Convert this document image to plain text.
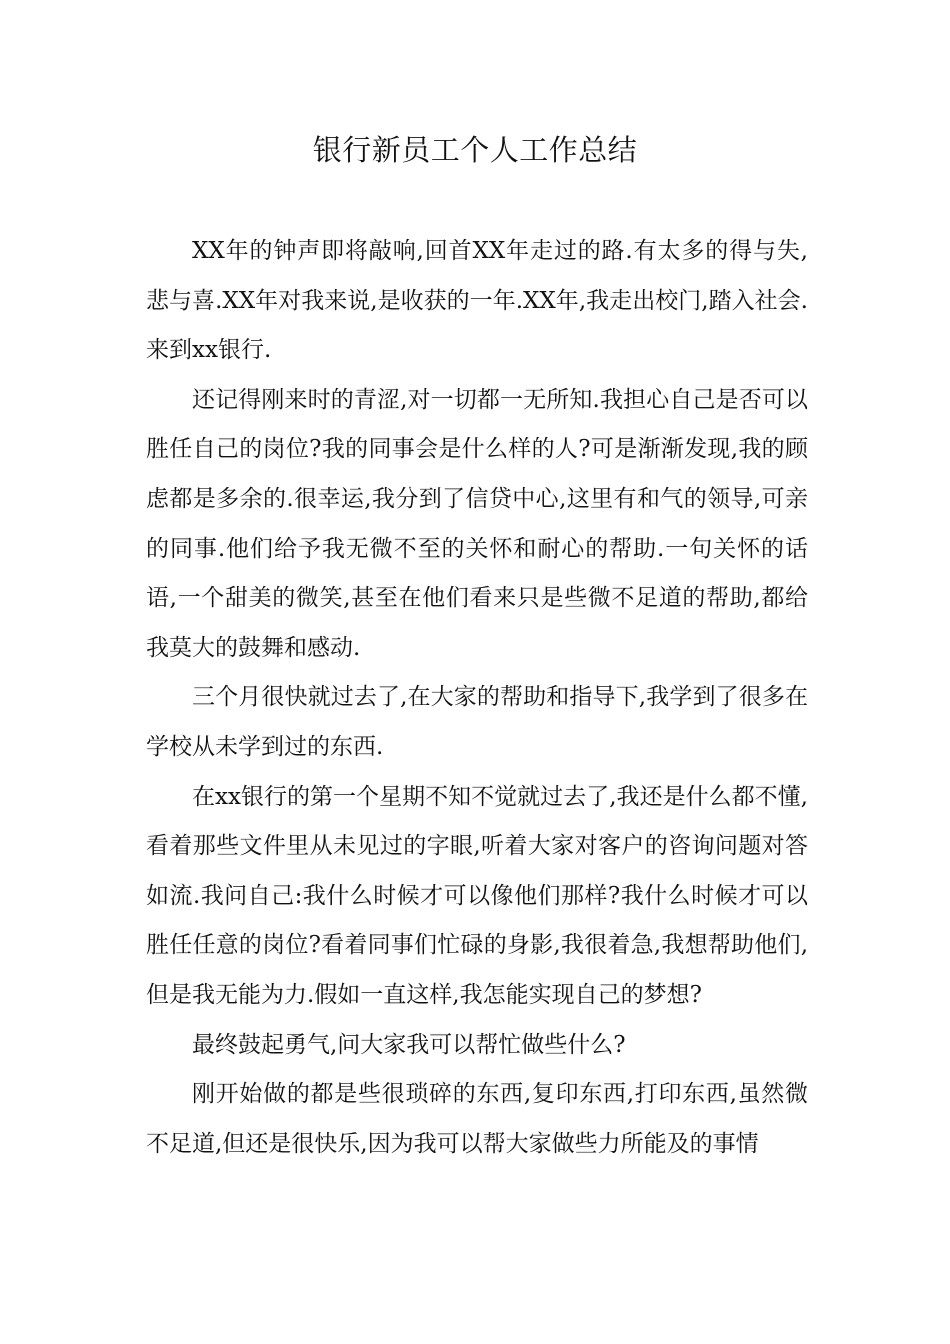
银行新员工个人工作总结

XX年的钟声即将敲响,回首XX年走过的路.有太多的得与失,悲与喜.XX年对我来说,是收获的一年.XX年,我走出校门,踏入社会.来到xx银行.

还记得刚来时的青涩,对一切都一无所知.我担心自己是否可以胜任自己的岗位?我的同事会是什么样的人?可是渐渐发现,我的顾虑都是多余的.很幸运,我分到了信贷中心,这里有和气的领导,可亲的同事.他们给予我无微不至的关怀和耐心的帮助.一句关怀的话语,一个甜美的微笑,甚至在他们看来只是些微不足道的帮助,都给我莫大的鼓舞和感动.

三个月很快就过去了,在大家的帮助和指导下,我学到了很多在学校从未学到过的东西.

在xx银行的第一个星期不知不觉就过去了,我还是什么都不懂,看着那些文件里从未见过的字眼,听着大家对客户的咨询问题对答如流.我问自己:我什么时候才可以像他们那样?我什么时候才可以胜任任意的岗位?看着同事们忙碌的身影,我很着急,我想帮助他们, 但是我无能为力.假如一直这样,我怎能实现自己的梦想?

最终鼓起勇气,问大家我可以帮忙做些什么?

刚开始做的都是些很琐碎的东西,复印东西,打印东西,虽然微不足道,但还是很快乐,因为我可以帮大家做些力所能及的事情
